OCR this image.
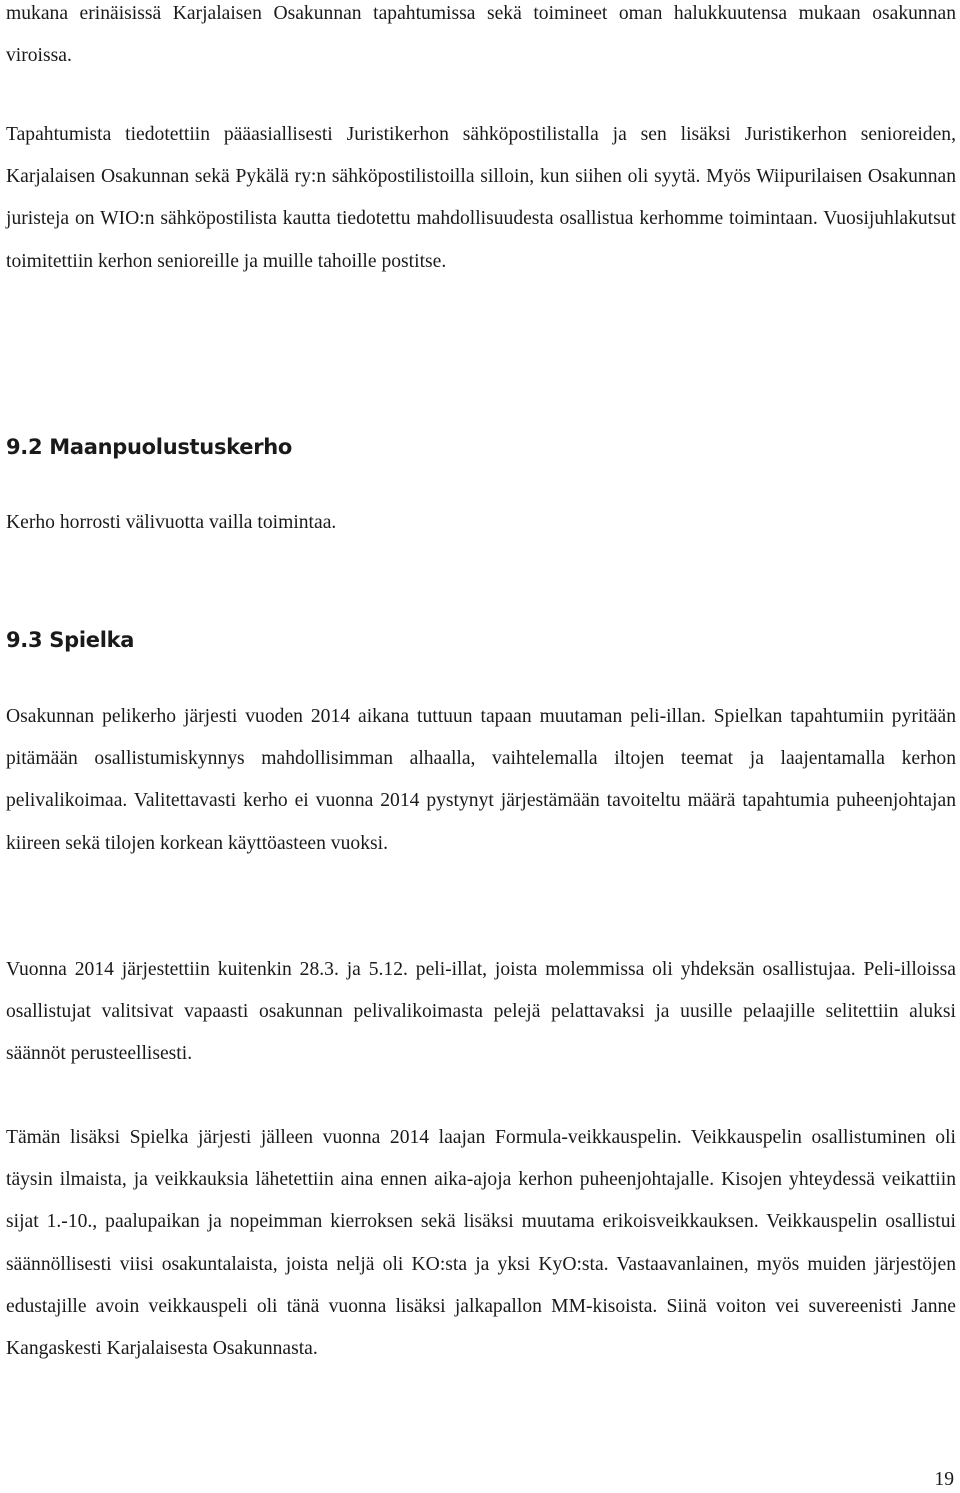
mukana erinäisissä Karjalaisen Osakunnan tapahtumissa sekä toimineet oman halukkuutensa mukaan osakunnan viroissa.

Tapahtumista tiedotettiin pääasiallisesti Juristikerhon sähköpostilistalla ja sen lisäksi Juristikerhon senioreiden, Karjalaisen Osakunnan sekä Pykälä ry:n sähköpostilistoilla silloin, kun siihen oli syytä. Myös Wiipurilaisen Osakunnan juristeja on WIO:n sähköpostilista kautta tiedotettu mahdollisuudesta osallistua kerhomme toimintaan. Vuosijuhlakutsut toimitettiin kerhon senioreille ja muille tahoille postitse.

9.2 Maanpuolustuskerho

Kerho horrosti välivuotta vailla toimintaa.

9.3 Spielka

Osakunnan pelikerho järjesti vuoden 2014 aikana tuttuun tapaan muutaman peli-illan. Spielkan tapahtumiin pyritään pitämään osallistumiskynnys mahdollisimman alhaalla, vaihtelemalla iltojen teemat ja laajentamalla kerhon pelivalikoimaa. Valitettavasti kerho ei vuonna 2014 pystynyt järjestämään tavoiteltu määrä tapahtumia puheenjohtajan kiireen sekä tilojen korkean käyttöasteen vuoksi.

Vuonna 2014 järjestettiin kuitenkin 28.3. ja 5.12. peli-illat, joista molemmissa oli yhdeksän osallistujaa. Peli-illoissa osallistujat valitsivat vapaasti osakunnan pelivalikoimasta pelejä pelattavaksi ja uusille pelaajille selitettiin aluksi säännöt perusteellisesti.

Tämän lisäksi Spielka järjesti jälleen vuonna 2014 laajan Formula-veikkauspelin. Veikkauspelin osallistuminen oli täysin ilmaista, ja veikkauksia lähetettiin aina ennen aika-ajoja kerhon puheenjohtajalle. Kisojen yhteydessä veikattiin sijat 1.-10., paalupaikan ja nopeimman kierroksen sekä lisäksi muutama erikoisveikkauksen. Veikkauspelin osallistui säännöllisesti viisi osakuntalaista, joista neljä oli KO:sta ja yksi KyO:sta. Vastaavanlainen, myös muiden järjestöjen edustajille avoin veikkauspeli oli tänä vuonna lisäksi jalkapallon MM-kisoista. Siinä voiton vei suvereenisti Janne Kangaskesti Karjalaisesta Osakunnasta.

19
